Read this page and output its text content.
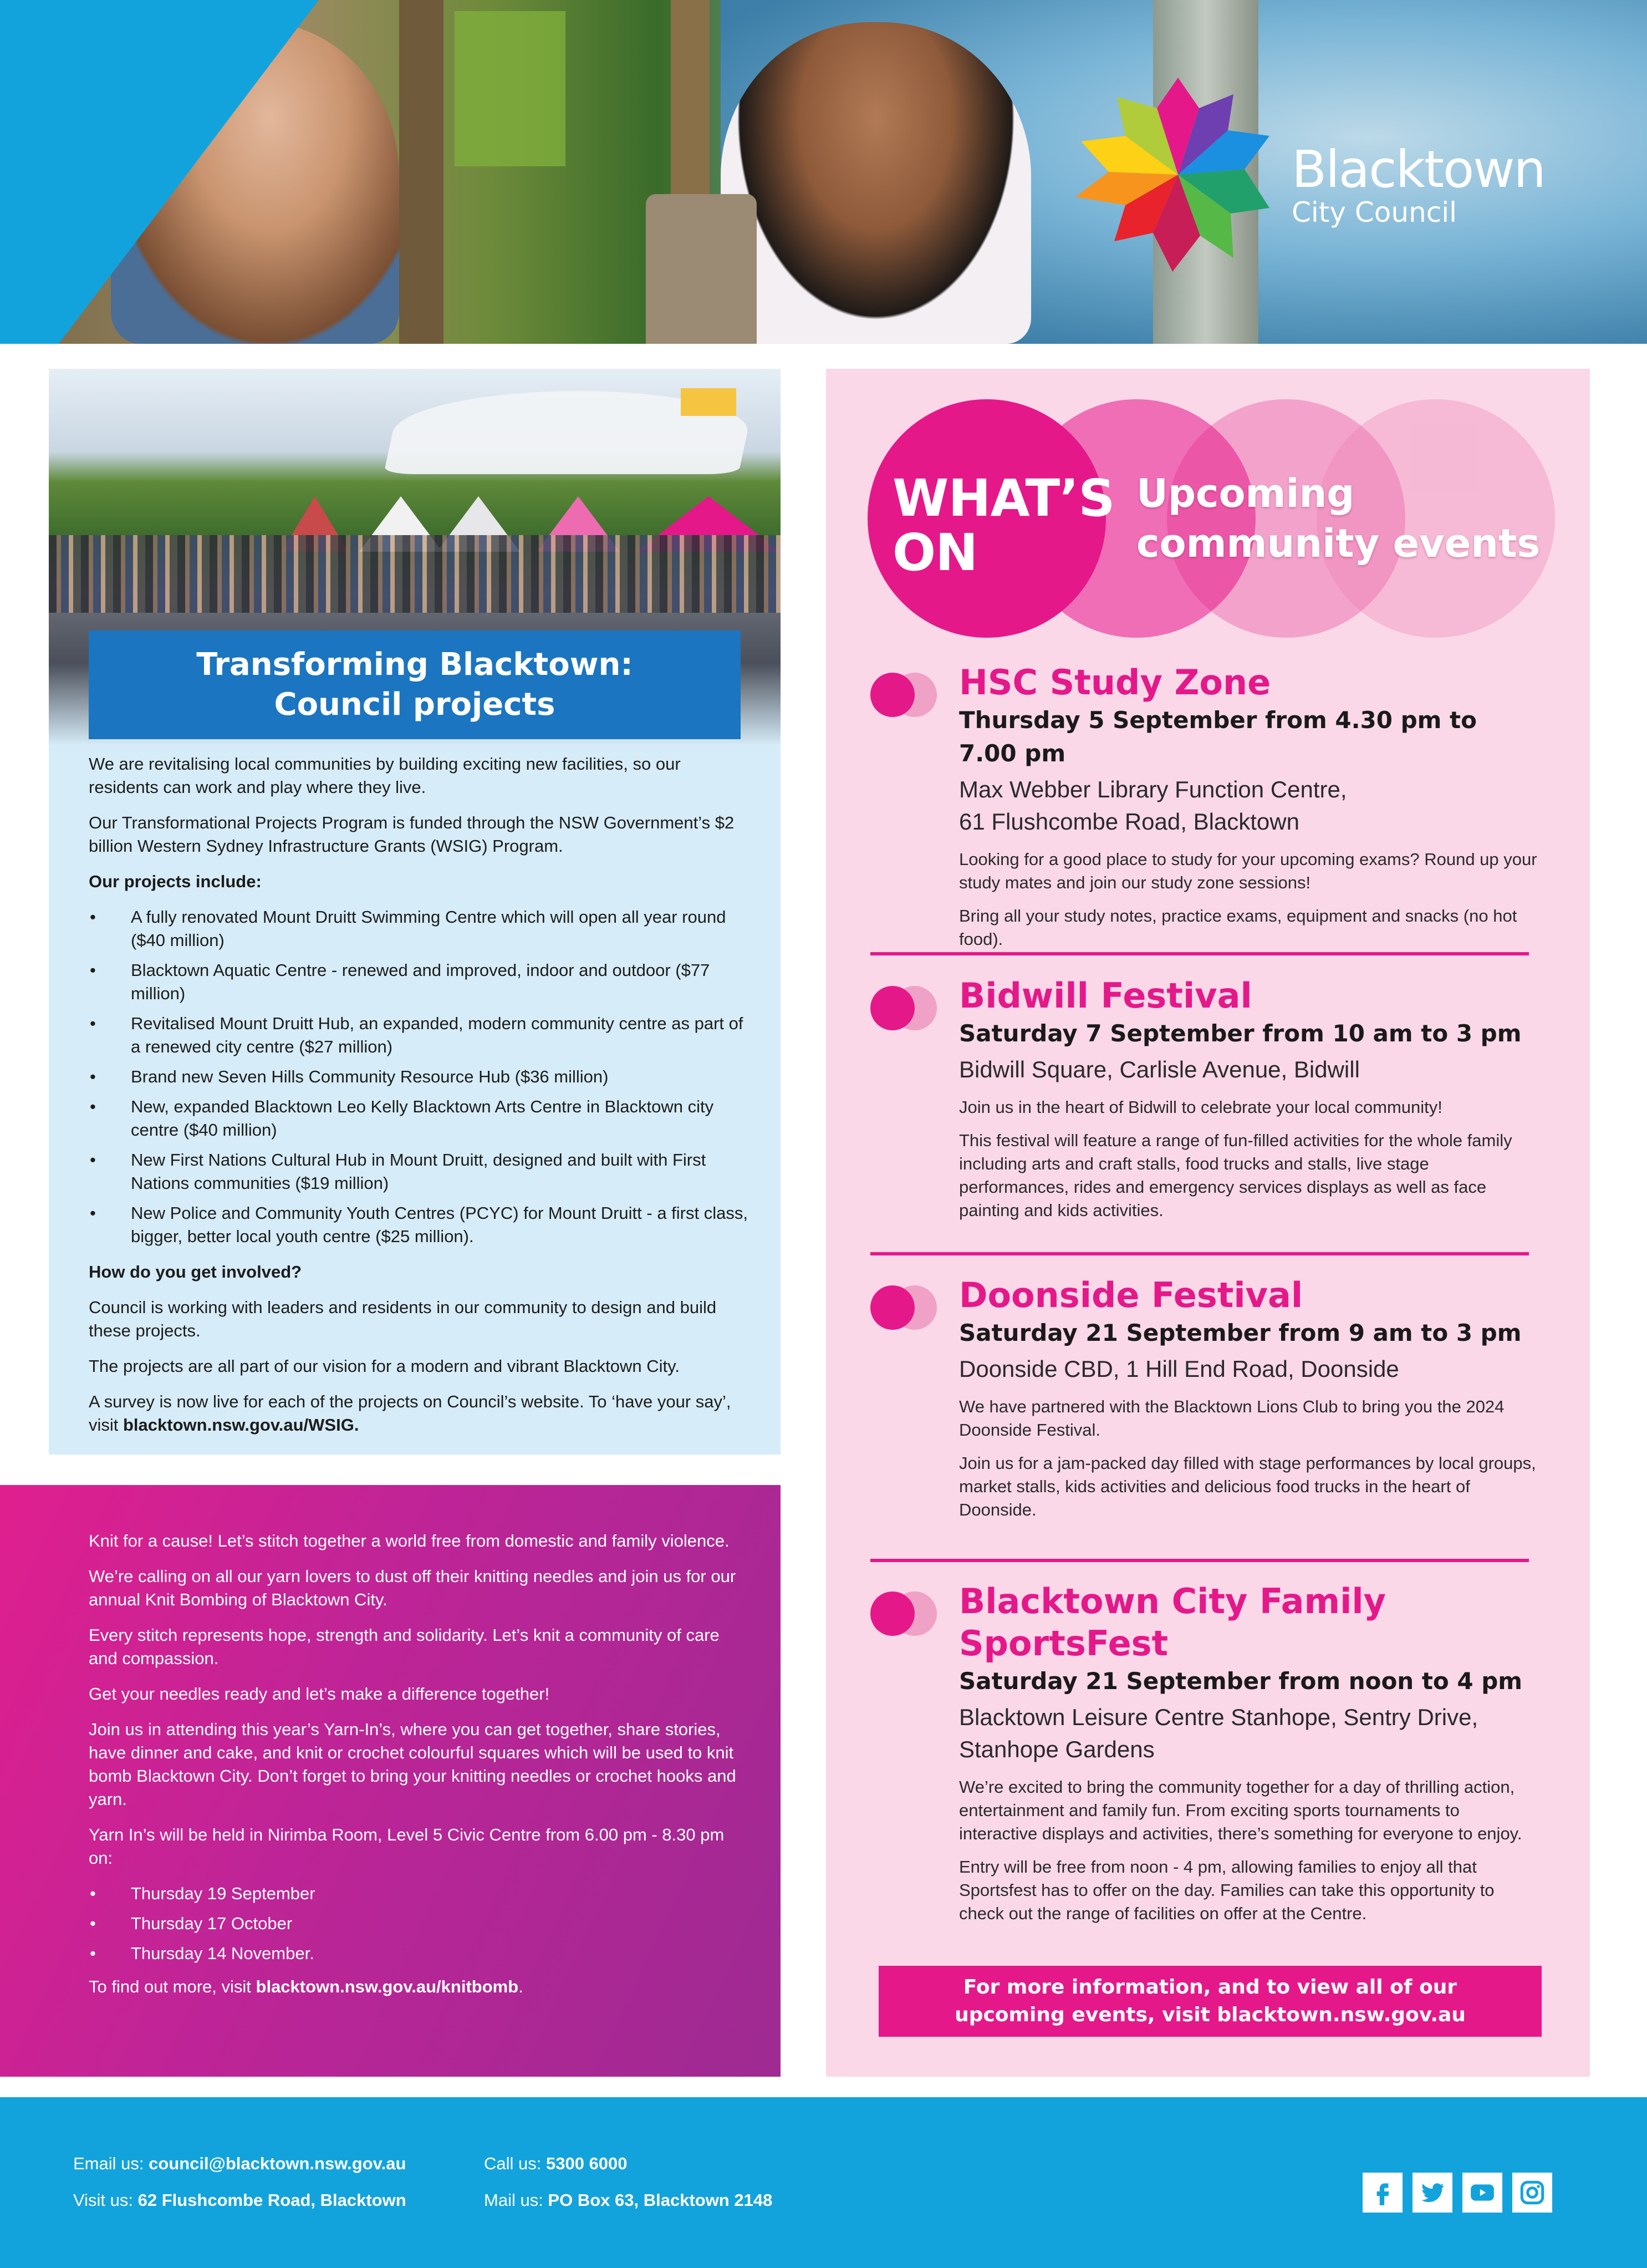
Blacktown
City Council
Transforming Blacktown:
Council projects

We are revitalising local communities by building exciting new facilities, so our residents can work and play where they live.

Our Transformational Projects Program is funded through the NSW Government’s $2 billion Western Sydney Infrastructure Grants (WSIG) Program.

Our projects include:

• A fully renovated Mount Druitt Swimming Centre which will open all year round ($40 million)
• Blacktown Aquatic Centre - renewed and improved, indoor and outdoor ($77 million)
• Revitalised Mount Druitt Hub, an expanded, modern community centre as part of a renewed city centre ($27 million)
• Brand new Seven Hills Community Resource Hub ($36 million)
• New, expanded Blacktown Leo Kelly Blacktown Arts Centre in Blacktown city centre ($40 million)
• New First Nations Cultural Hub in Mount Druitt, designed and built with First Nations communities ($19 million)
• New Police and Community Youth Centres (PCYC) for Mount Druitt - a first class, bigger, better local youth centre ($25 million).

How do you get involved?

Council is working with leaders and residents in our community to design and build these projects.

The projects are all part of our vision for a modern and vibrant Blacktown City.

A survey is now live for each of the projects on Council’s website. To ‘have your say’, visit blacktown.nsw.gov.au/WSIG.

Knit for a cause! Let’s stitch together a world free from domestic and family violence.

We’re calling on all our yarn lovers to dust off their knitting needles and join us for our annual Knit Bombing of Blacktown City.

Every stitch represents hope, strength and solidarity. Let’s knit a community of care and compassion.

Get your needles ready and let’s make a difference together!

Join us in attending this year’s Yarn-In’s, where you can get together, share stories, have dinner and cake, and knit or crochet colourful squares which will be used to knit bomb Blacktown City. Don’t forget to bring your knitting needles or crochet hooks and yarn.

Yarn In’s will be held in Nirimba Room, Level 5 Civic Centre from 6.00 pm - 8.30 pm on:

• Thursday 19 September
• Thursday 17 October
• Thursday 14 November.

To find out more, visit blacktown.nsw.gov.au/knitbomb.

WHAT’S
ON
Upcoming
community events
HSC Study Zone

Thursday 5 September from 4.30 pm to 7.00 pm

Max Webber Library Function Centre,
61 Flushcombe Road, Blacktown

Looking for a good place to study for your upcoming exams? Round up your study mates and join our study zone sessions!

Bring all your study notes, practice exams, equipment and snacks (no hot food).

Bidwill Festival

Saturday 7 September from 10 am to 3 pm

Bidwill Square, Carlisle Avenue, Bidwill

Join us in the heart of Bidwill to celebrate your local community!

This festival will feature a range of fun-filled activities for the whole family including arts and craft stalls, food trucks and stalls, live stage performances, rides and emergency services displays as well as face painting and kids activities.

Doonside Festival

Saturday 21 September from 9 am to 3 pm

Doonside CBD, 1 Hill End Road, Doonside

We have partnered with the Blacktown Lions Club to bring you the 2024 Doonside Festival.

Join us for a jam-packed day filled with stage performances by local groups, market stalls, kids activities and delicious food trucks in the heart of Doonside.

Blacktown City Family SportsFest

Saturday 21 September from noon to 4 pm

Blacktown Leisure Centre Stanhope, Sentry Drive,
Stanhope Gardens

We’re excited to bring the community together for a day of thrilling action, entertainment and family fun. From exciting sports tournaments to interactive displays and activities, there’s something for everyone to enjoy.

Entry will be free from noon - 4 pm, allowing families to enjoy all that Sportsfest has to offer on the day. Families can take this opportunity to check out the range of facilities on offer at the Centre.

For more information, and to view all of our
upcoming events, visit blacktown.nsw.gov.au
Email us: council@blacktown.nsw.gov.au
Visit us: 62 Flushcombe Road, Blacktown
Call us: 5300 6000
Mail us: PO Box 63, Blacktown 2148
